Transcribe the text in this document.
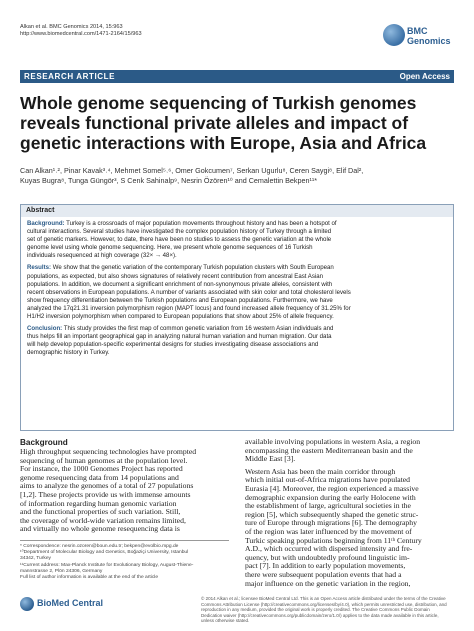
Alkan et al. BMC Genomics 2014, 15:963
http://www.biomedcentral.com/1471-2164/15/963	BMC
Genomics
RESEARCH ARTICLE	Open Access
Whole genome sequencing of Turkish genomes
reveals functional private alleles and impact of
genetic interactions with Europe, Asia and Africa
Can Alkan¹˒², Pinar Kavak³˒⁴, Mehmet Somel⁵˒⁶, Omer Gokcumen⁷, Serkan Ugurlu⁸, Ceren Saygi⁸, Elif Dal²,
Kuyas Bugra⁸, Tunga Güngör³, S Cenk Sahinalp⁹, Nesrin Özören¹⁰ and Cemalettin Bekpen¹¹*
Abstract
Background: Turkey is a crossroads of major population movements throughout history and has been a hotspot of
cultural interactions. Several studies have investigated the complex population history of Turkey through a limited
set of genetic markers. However, to date, there have been no studies to assess the genetic variation at the whole
genome level using whole genome sequencing. Here, we present whole genome sequences of 16 Turkish
individuals resequenced at high coverage (32× → 48×).
Results: We show that the genetic variation of the contemporary Turkish population clusters with South European
populations, as expected, but also shows signatures of relatively recent contribution from ancestral East Asian
populations. In addition, we document a significant enrichment of non-synonymous private alleles, consistent with
recent observations in European populations. A number of variants associated with skin color and total cholesterol levels
show frequency differentiation between the Turkish populations and European populations. Furthermore, we have
analyzed the 17q21.31 inversion polymorphism region (MAPT locus) and found increased allele frequency of 31.25% for
H1/H2 inversion polymorphism when compared to European populations that show about 25% of allele frequency.
Conclusion: This study provides the first map of common genetic variation from 16 western Asian individuals and
thus helps fill an important geographical gap in analyzing natural human variation and human migration. Our data
will help develop population-specific experimental designs for studies investigating disease associations and
demographic history in Turkey.
Background
High throughput sequencing technologies have prompted
sequencing of human genomes at the population level.
For instance, the 1000 Genomes Project has reported
genome resequencing data from 14 populations and
aims to analyze the genomes of a total of 27 populations
[1,2]. These projects provide us with immense amounts
of information regarding human genomic variation
and the functional properties of such variation. Still,
the coverage of world-wide variation remains limited,
and virtually no whole genome resequencing data is
* Correspondence: nesrin.ozoren@boun.edu.tr; bekpen@evolbio.mpg.de
¹⁰Department of Molecular Biology and Genetics, Boğaziçi University, Istanbul
34342, Turkey
¹¹Current address: Max-Planck Institute for Evolutionary Biology, August-Thiene-
mannstrasse 2, Plön 24306, Germany
Full list of author information is available at the end of the article
available involving populations in western Asia, a region
encompassing the eastern Mediterranean basin and the
Middle East [3].
Western Asia has been the main corridor through
which initial out-of-Africa migrations have populated
Eurasia [4]. Moreover, the region experienced a massive
demographic expansion during the early Holocene with
the establishment of large, agricultural societies in the
region [5], which subsequently shaped the genetic struc-
ture of Europe through migrations [6]. The demography
of the region was later influenced by the movement of
Turkic speaking populations beginning from 11ᵗʰ Century
A.D., which occurred with dispersed intensity and fre-
quency, but with undoubtedly profound linguistic im-
pact [7]. In addition to early population movements,
there were subsequent population events that had a
major influence on the genetic variation in the region,
BioMed Central	© 2014 Alkan et al.; licensee BioMed Central Ltd. This is an Open Access article distributed under the terms of the Creative
Commons Attribution License (http://creativecommons.org/licenses/by/4.0), which permits unrestricted use, distribution, and
reproduction in any medium, provided the original work is properly credited. The Creative Commons Public Domain
Dedication waiver (http://creativecommons.org/publicdomain/zero/1.0/) applies to the data made available in this article,
unless otherwise stated.
